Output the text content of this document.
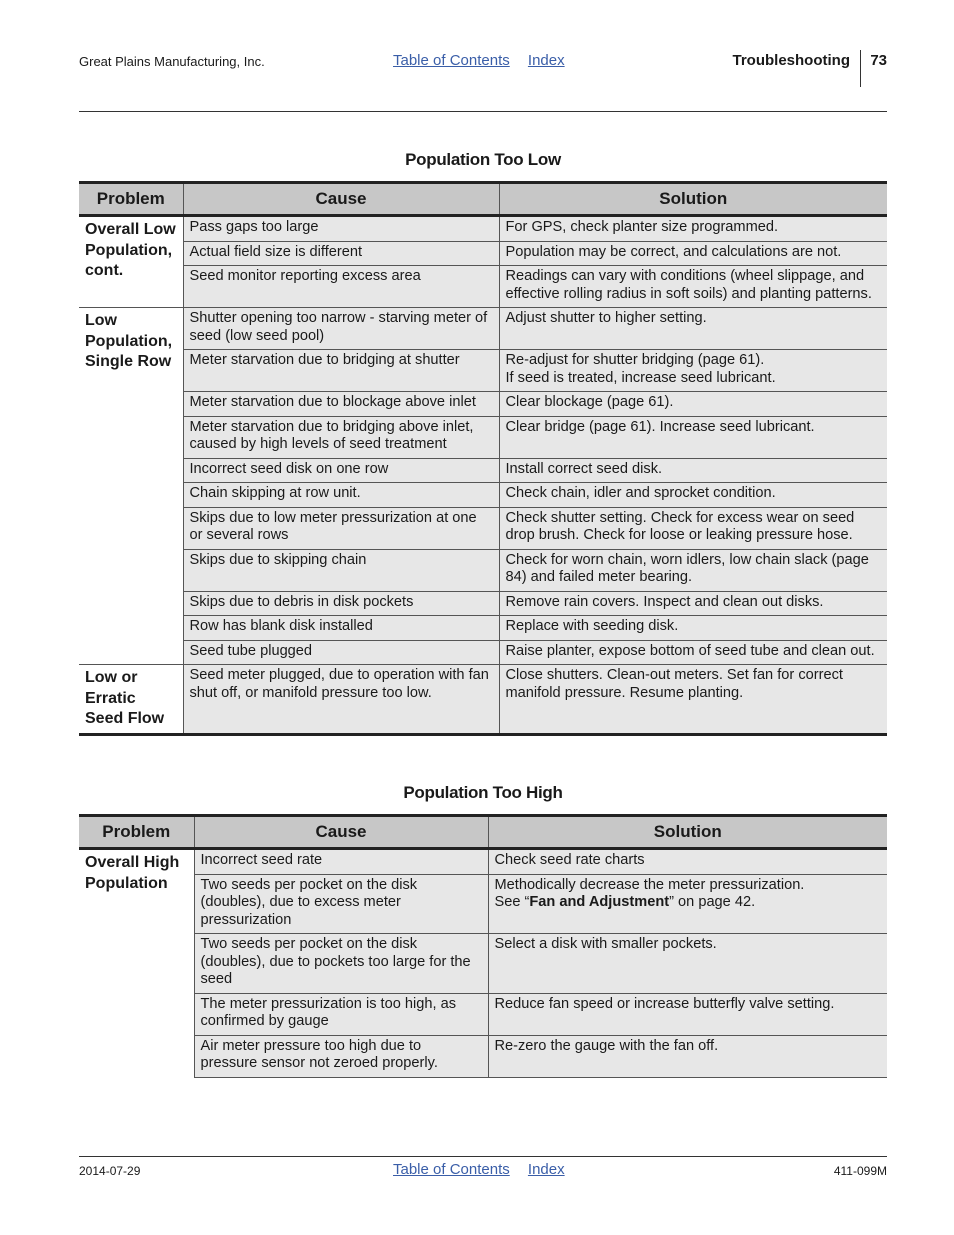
Great Plains Manufacturing, Inc.	Table of Contents Index	Troubleshooting 73
Population Too Low
Problem	Cause	Solution
Overall Low Population, cont.	Pass gaps too large	For GPS, check planter size programmed.
	Actual field size is different	Population may be correct, and calculations are not.
	Seed monitor reporting excess area	Readings can vary with conditions (wheel slippage, and effective rolling radius in soft soils) and planting patterns.
Low Population, Single Row	Shutter opening too narrow - starving meter of seed (low seed pool)	Adjust shutter to higher setting.
	Meter starvation due to bridging at shutter	Re-adjust for shutter bridging (page 61).
If seed is treated, increase seed lubricant.

	Meter starvation due to blockage above inlet	Clear blockage (page 61).
	Meter starvation due to bridging above inlet, caused by high levels of seed treatment	Clear bridge (page 61). Increase seed lubricant.
	Incorrect seed disk on one row	Install correct seed disk.
	Chain skipping at row unit.	Check chain, idler and sprocket condition.
	Skips due to low meter pressurization at one or several rows	Check shutter setting. Check for excess wear on seed drop brush. Check for loose or leaking pressure hose.
	Skips due to skipping chain	Check for worn chain, worn idlers, low chain slack (page 84) and failed meter bearing.
	Skips due to debris in disk pockets	Remove rain covers. Inspect and clean out disks.
	Row has blank disk installed	Replace with seeding disk.
	Seed tube plugged	Raise planter, expose bottom of seed tube and clean out.
Low or Erratic Seed Flow	Seed meter plugged, due to operation with fan shut off, or manifold pressure too low.	Close shutters. Clean-out meters. Set fan for correct manifold pressure. Resume planting.
Population Too High
Problem	Cause	Solution
Overall High Population	Incorrect seed rate	Check seed rate charts
	Two seeds per pocket on the disk (doubles), due to excess meter pressurization	Methodically decrease the meter pressurization.
See “Fan and Adjustment” on page 42.

	Two seeds per pocket on the disk (doubles), due to pockets too large for the seed	Select a disk with smaller pockets.
	The meter pressurization is too high, as confirmed by gauge	Reduce fan speed or increase butterfly valve setting.
	Air meter pressure too high due to pressure sensor not zeroed properly.	Re-zero the gauge with the fan off.
2014-07-29	Table of Contents Index	411-099M
